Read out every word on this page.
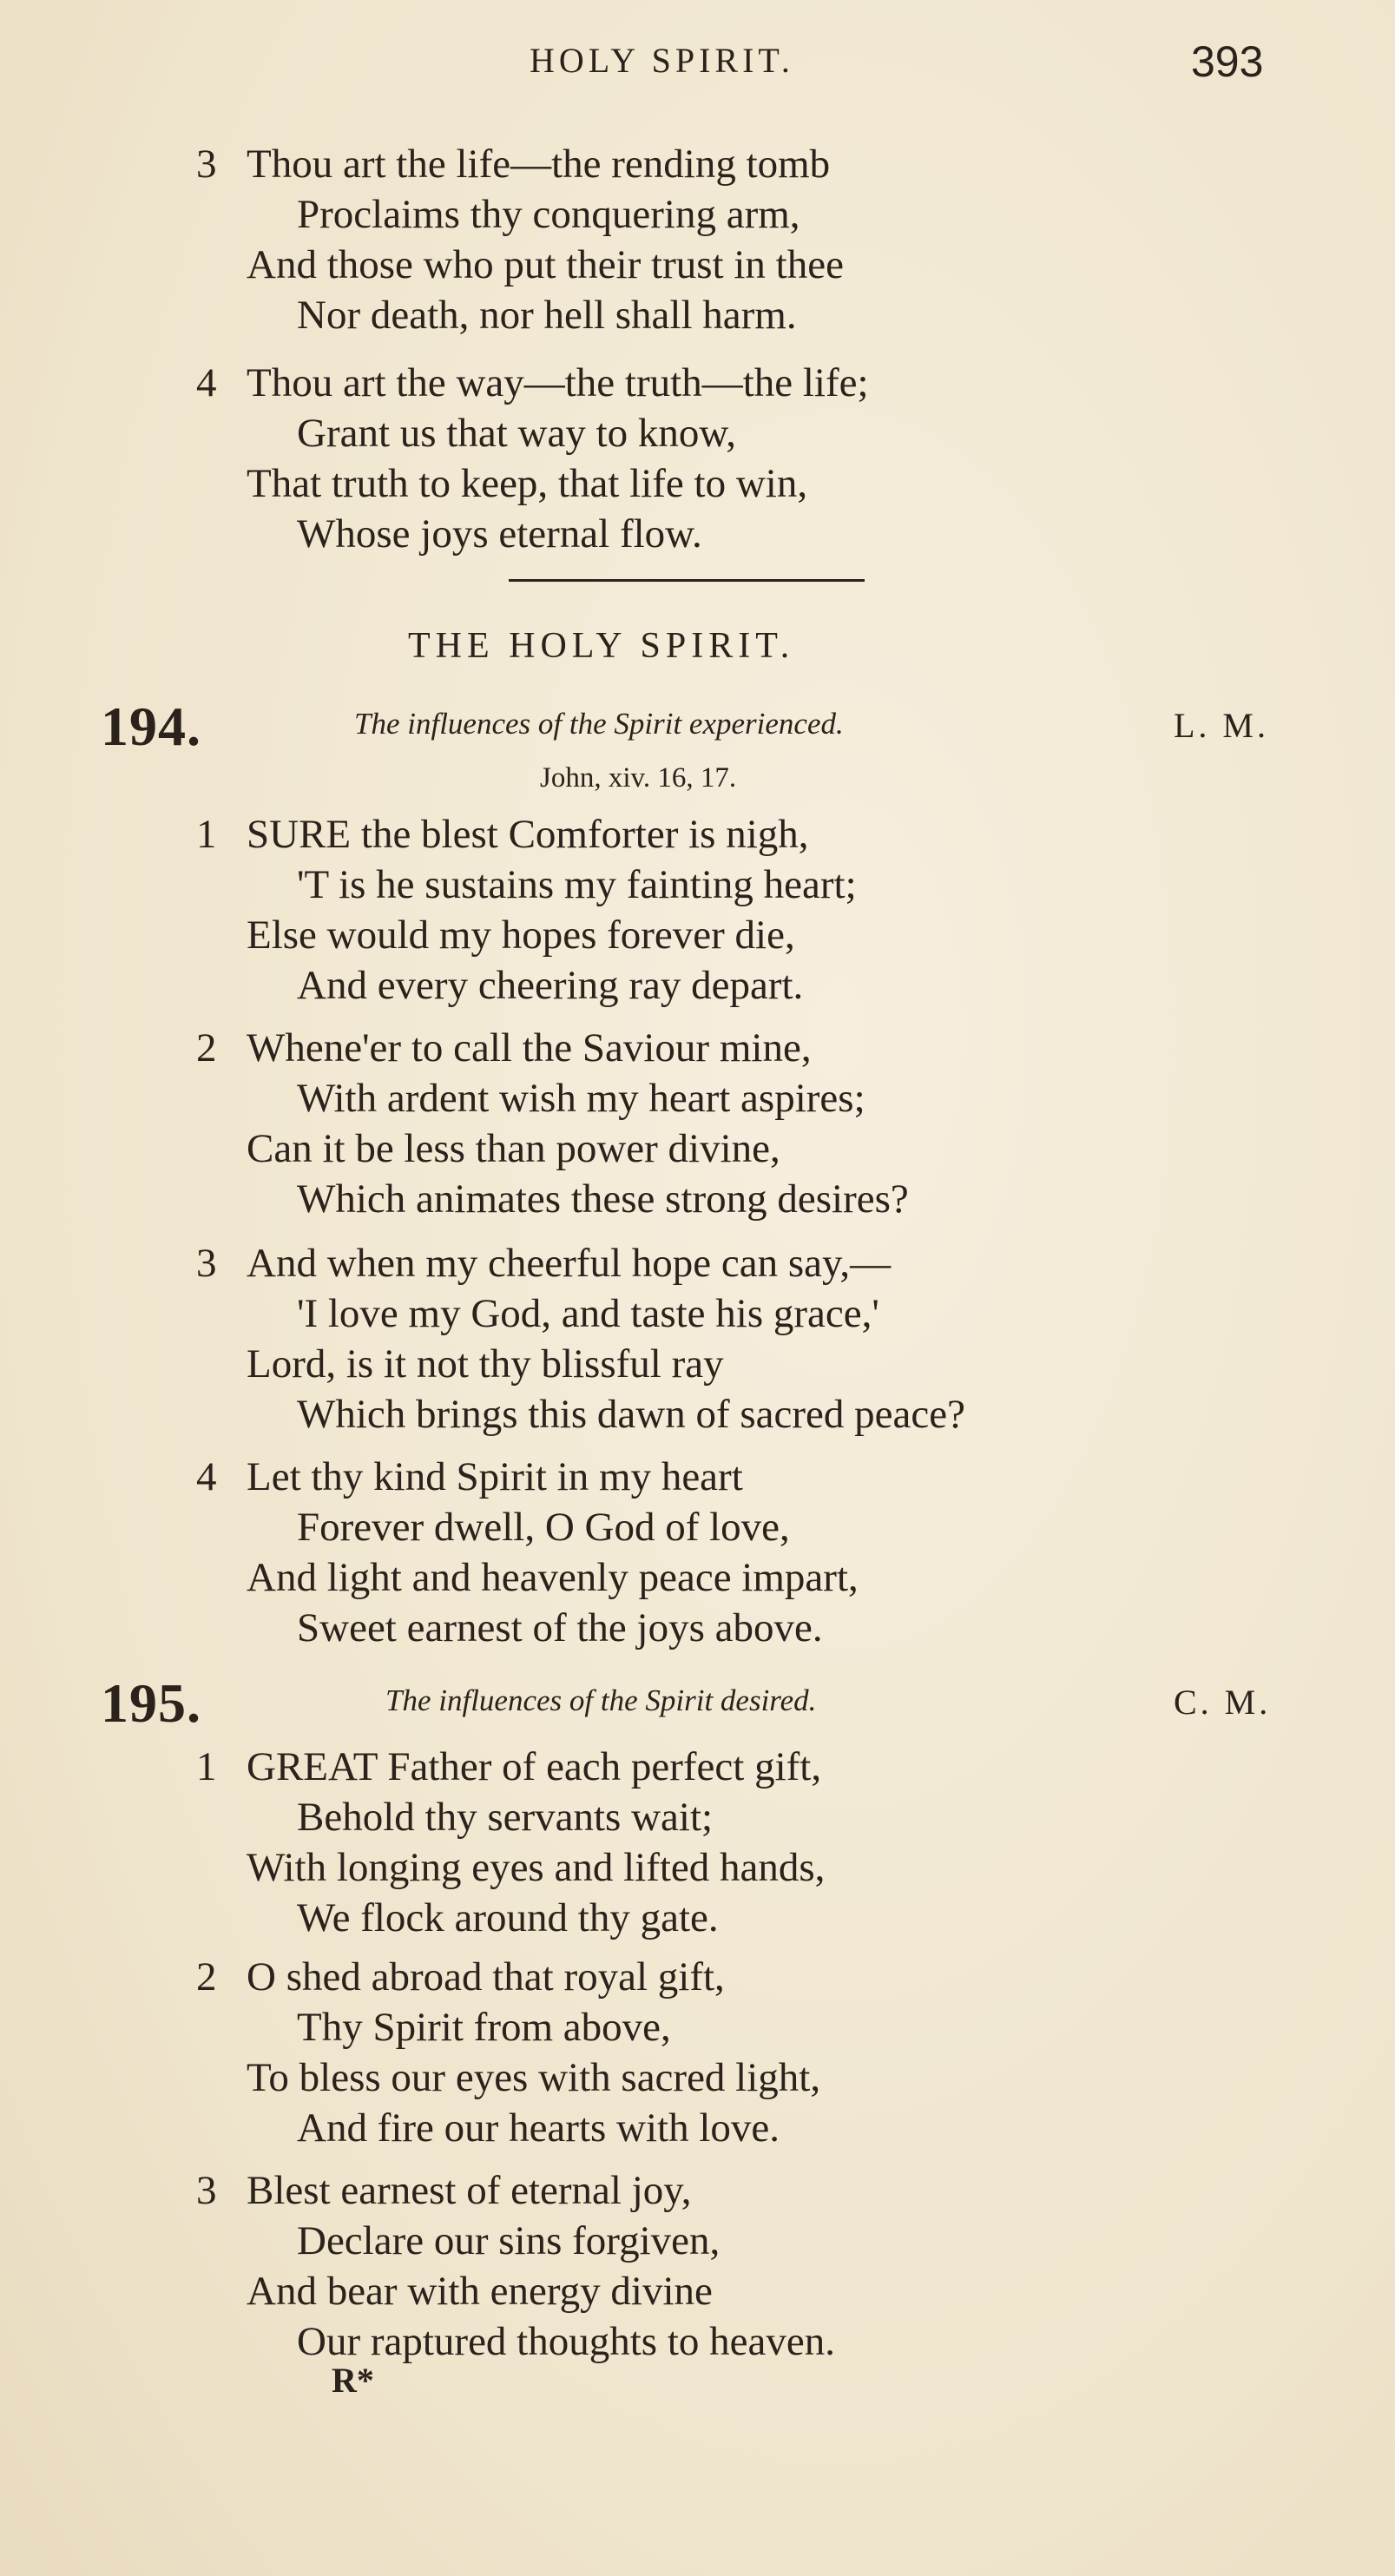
HOLY SPIRIT.	393
3 Thou art the life—the rending tomb
Proclaims thy conquering arm,
And those who put their trust in thee
Nor death, nor hell shall harm.
4 Thou art the way—the truth—the life;
Grant us that way to know,
That truth to keep, that life to win,
Whose joys eternal flow.
THE HOLY SPIRIT.
194.	The influences of the Spirit experienced.	L. M.
John, xiv. 16, 17.
1 SURE the blest Comforter is nigh,
'T is he sustains my fainting heart;
Else would my hopes forever die,
And every cheering ray depart.
2 Whene'er to call the Saviour mine,
With ardent wish my heart aspires;
Can it be less than power divine,
Which animates these strong desires?
3 And when my cheerful hope can say,—
'I love my God, and taste his grace,'
Lord, is it not thy blissful ray
Which brings this dawn of sacred peace?
4 Let thy kind Spirit in my heart
Forever dwell, O God of love,
And light and heavenly peace impart,
Sweet earnest of the joys above.
195.	The influences of the Spirit desired.	C. M.
1 GREAT Father of each perfect gift,
Behold thy servants wait;
With longing eyes and lifted hands,
We flock around thy gate.
2 O shed abroad that royal gift,
Thy Spirit from above,
To bless our eyes with sacred light,
And fire our hearts with love.
3 Blest earnest of eternal joy,
Declare our sins forgiven,
And bear with energy divine
Our raptured thoughts to heaven.
R*
